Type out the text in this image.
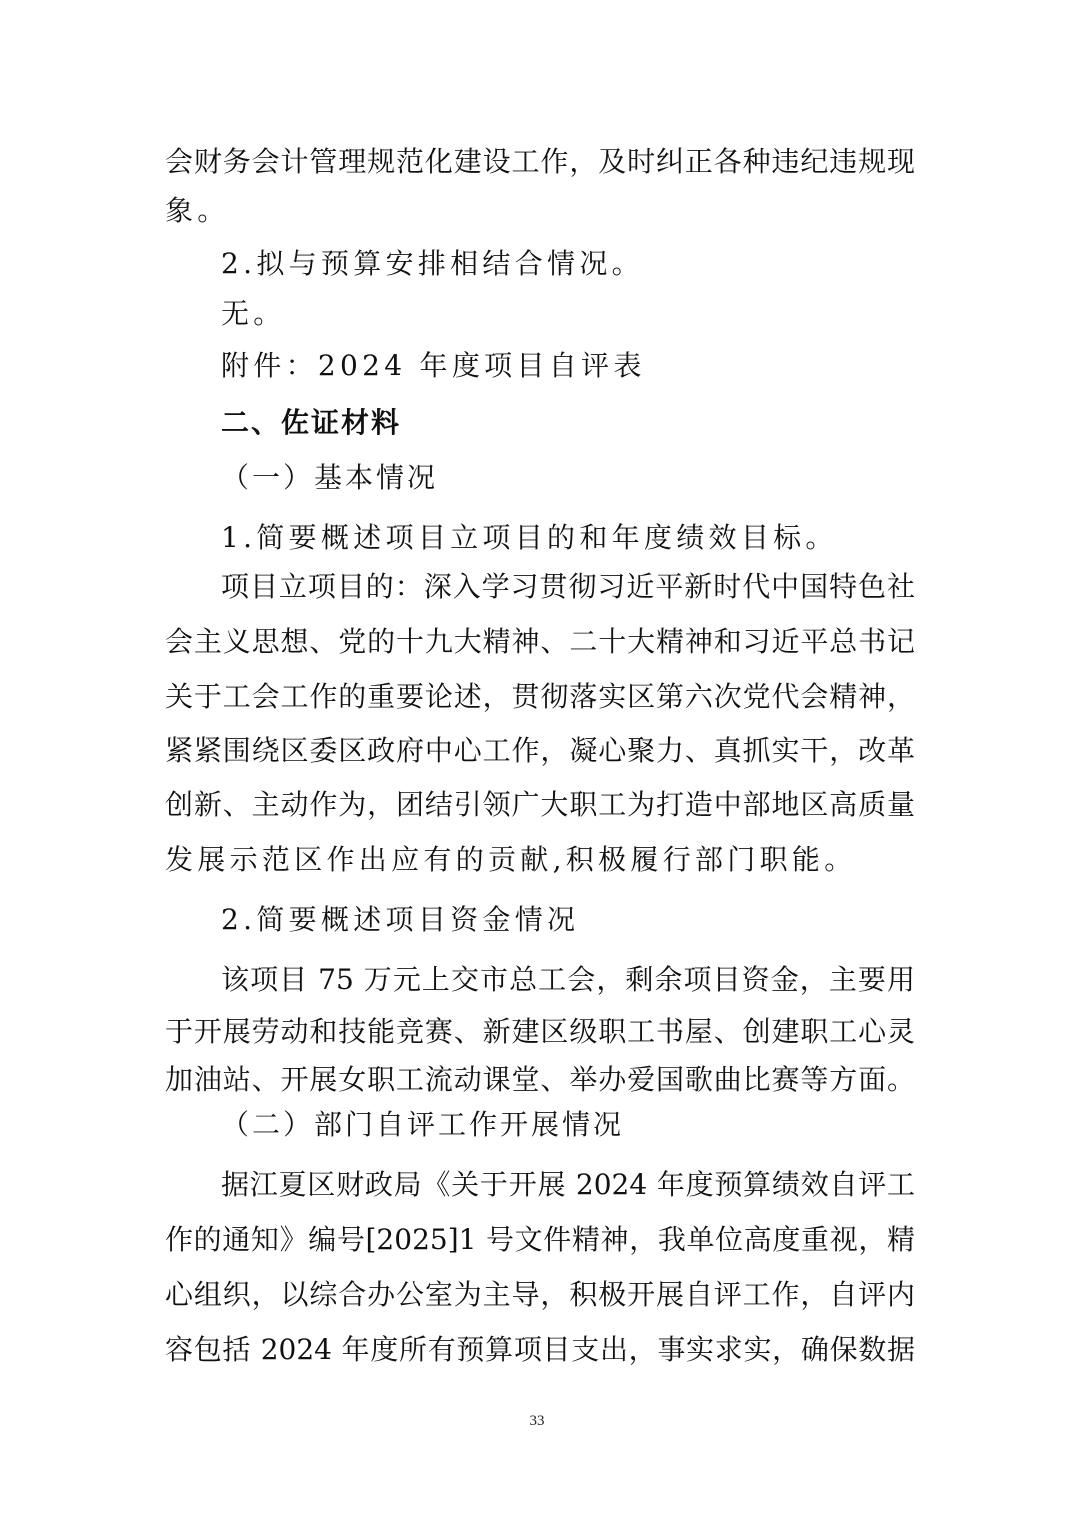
会财务会计管理规范化建设工作，及时纠正各种违纪违规现
象。
2.拟与预算安排相结合情况。
无。
附件：2024 年度项目自评表
二、佐证材料
（一）基本情况
1.简要概述项目立项目的和年度绩效目标。
项目立项目的：深入学习贯彻习近平新时代中国特色社
会主义思想、党的十九大精神、二十大精神和习近平总书记
关于工会工作的重要论述，贯彻落实区第六次党代会精神，
紧紧围绕区委区政府中心工作，凝心聚力、真抓实干，改革
创新、主动作为，团结引领广大职工为打造中部地区高质量
发展示范区作出应有的贡献,积极履行部门职能。
2.简要概述项目资金情况
该项目 75 万元上交市总工会，剩余项目资金，主要用
于开展劳动和技能竞赛、新建区级职工书屋、创建职工心灵
加油站、开展女职工流动课堂、举办爱国歌曲比赛等方面。
（二）部门自评工作开展情况
据江夏区财政局《关于开展 2024 年度预算绩效自评工
作的通知》编号[2025]1 号文件精神，我单位高度重视，精
心组织，以综合办公室为主导，积极开展自评工作，自评内
容包括 2024 年度所有预算项目支出，事实求实，确保数据
33
